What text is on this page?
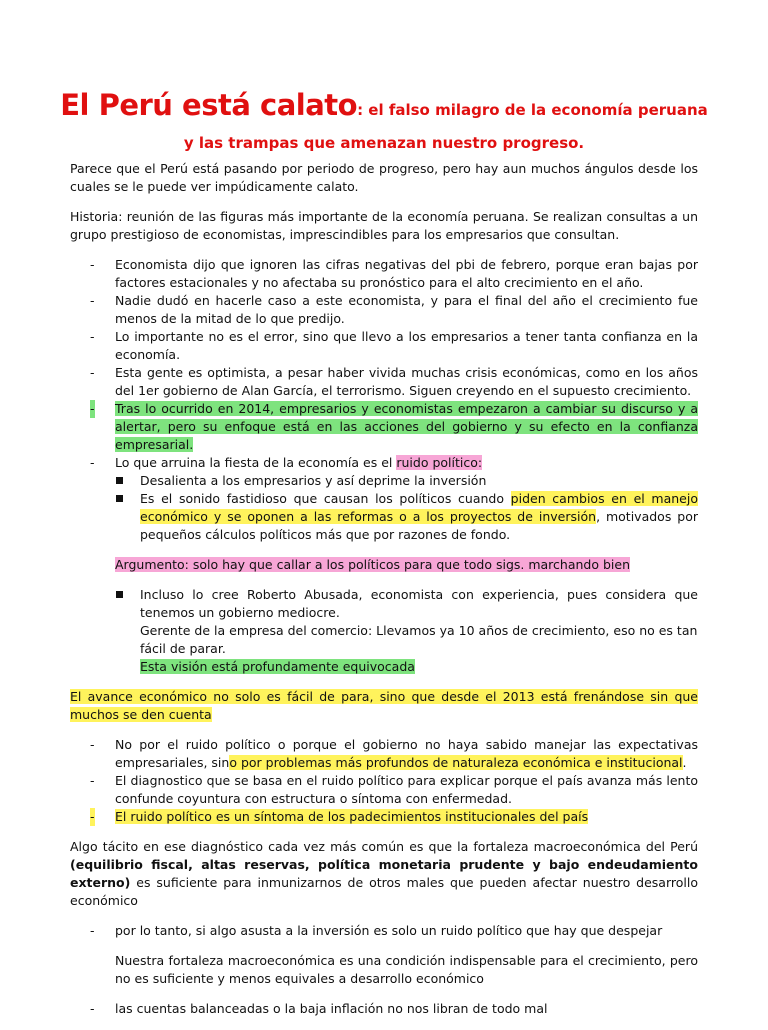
El Perú está calato: el falso milagro de la economía peruana y las trampas que amenazan nuestro progreso.

Parece que el Perú está pasando por periodo de progreso, pero hay aun muchos ángulos desde los cuales se le puede ver impúdicamente calato.

Historia: reunión de las figuras más importante de la economía peruana. Se realizan consultas a un grupo prestigioso de economistas, imprescindibles para los empresarios que consultan.

- Economista dijo que ignoren las cifras negativas del pbi de febrero, porque eran bajas por factores estacionales y no afectaba su pronóstico para el alto crecimiento en el año.
- Nadie dudó en hacerle caso a este economista, y para el final del año el crecimiento fue menos de la mitad de lo que predijo.
- Lo importante no es el error, sino que llevo a los empresarios a tener tanta confianza en la economía.
- Esta gente es optimista, a pesar haber vivida muchas crisis económicas, como en los años del 1er gobierno de Alan García, el terrorismo. Siguen creyendo en el supuesto crecimiento.
- Tras lo ocurrido en 2014, empresarios y economistas empezaron a cambiar su discurso y a alertar, pero su enfoque está en las acciones del gobierno y su efecto en la confianza empresarial.
- Lo que arruina la fiesta de la economía es el ruido político:
Desalienta a los empresarios y así deprime la inversión
Es el sonido fastidioso que causan los políticos cuando piden cambios en el manejo económico y se oponen a las reformas o a los proyectos de inversión, motivados por pequeños cálculos políticos más que por razones de fondo.

Argumento: solo hay que callar a los políticos para que todo sigs. marchando bien

Incluso lo cree Roberto Abusada, economista con experiencia, pues considera que tenemos un gobierno mediocre.
Gerente de la empresa del comercio: Llevamos ya 10 años de crecimiento, eso no es tan fácil de parar.
Esta visión está profundamente equivocada

El avance económico no solo es fácil de para, sino que desde el 2013 está frenándose sin que muchos se den cuenta

- No por el ruido político o porque el gobierno no haya sabido manejar las expectativas empresariales, sino por problemas más profundos de naturaleza económica e institucional.
- El diagnostico que se basa en el ruido político para explicar porque el país avanza más lento confunde coyuntura con estructura o síntoma con enfermedad.
- El ruido político es un síntoma de los padecimientos institucionales del país

Algo tácito en ese diagnóstico cada vez más común es que la fortaleza macroeconómica del Perú (equilibrio fiscal, altas reservas, política monetaria prudente y bajo endeudamiento externo) es suficiente para inmunizarnos de otros males que pueden afectar nuestro desarrollo económico

- por lo tanto, si algo asusta a la inversión es solo un ruido político que hay que despejar

Nuestra fortaleza macroeconómica es una condición indispensable para el crecimiento, pero no es suficiente y menos equivales a desarrollo económico

- las cuentas balanceadas o la baja inflación no nos libran de todo mal
